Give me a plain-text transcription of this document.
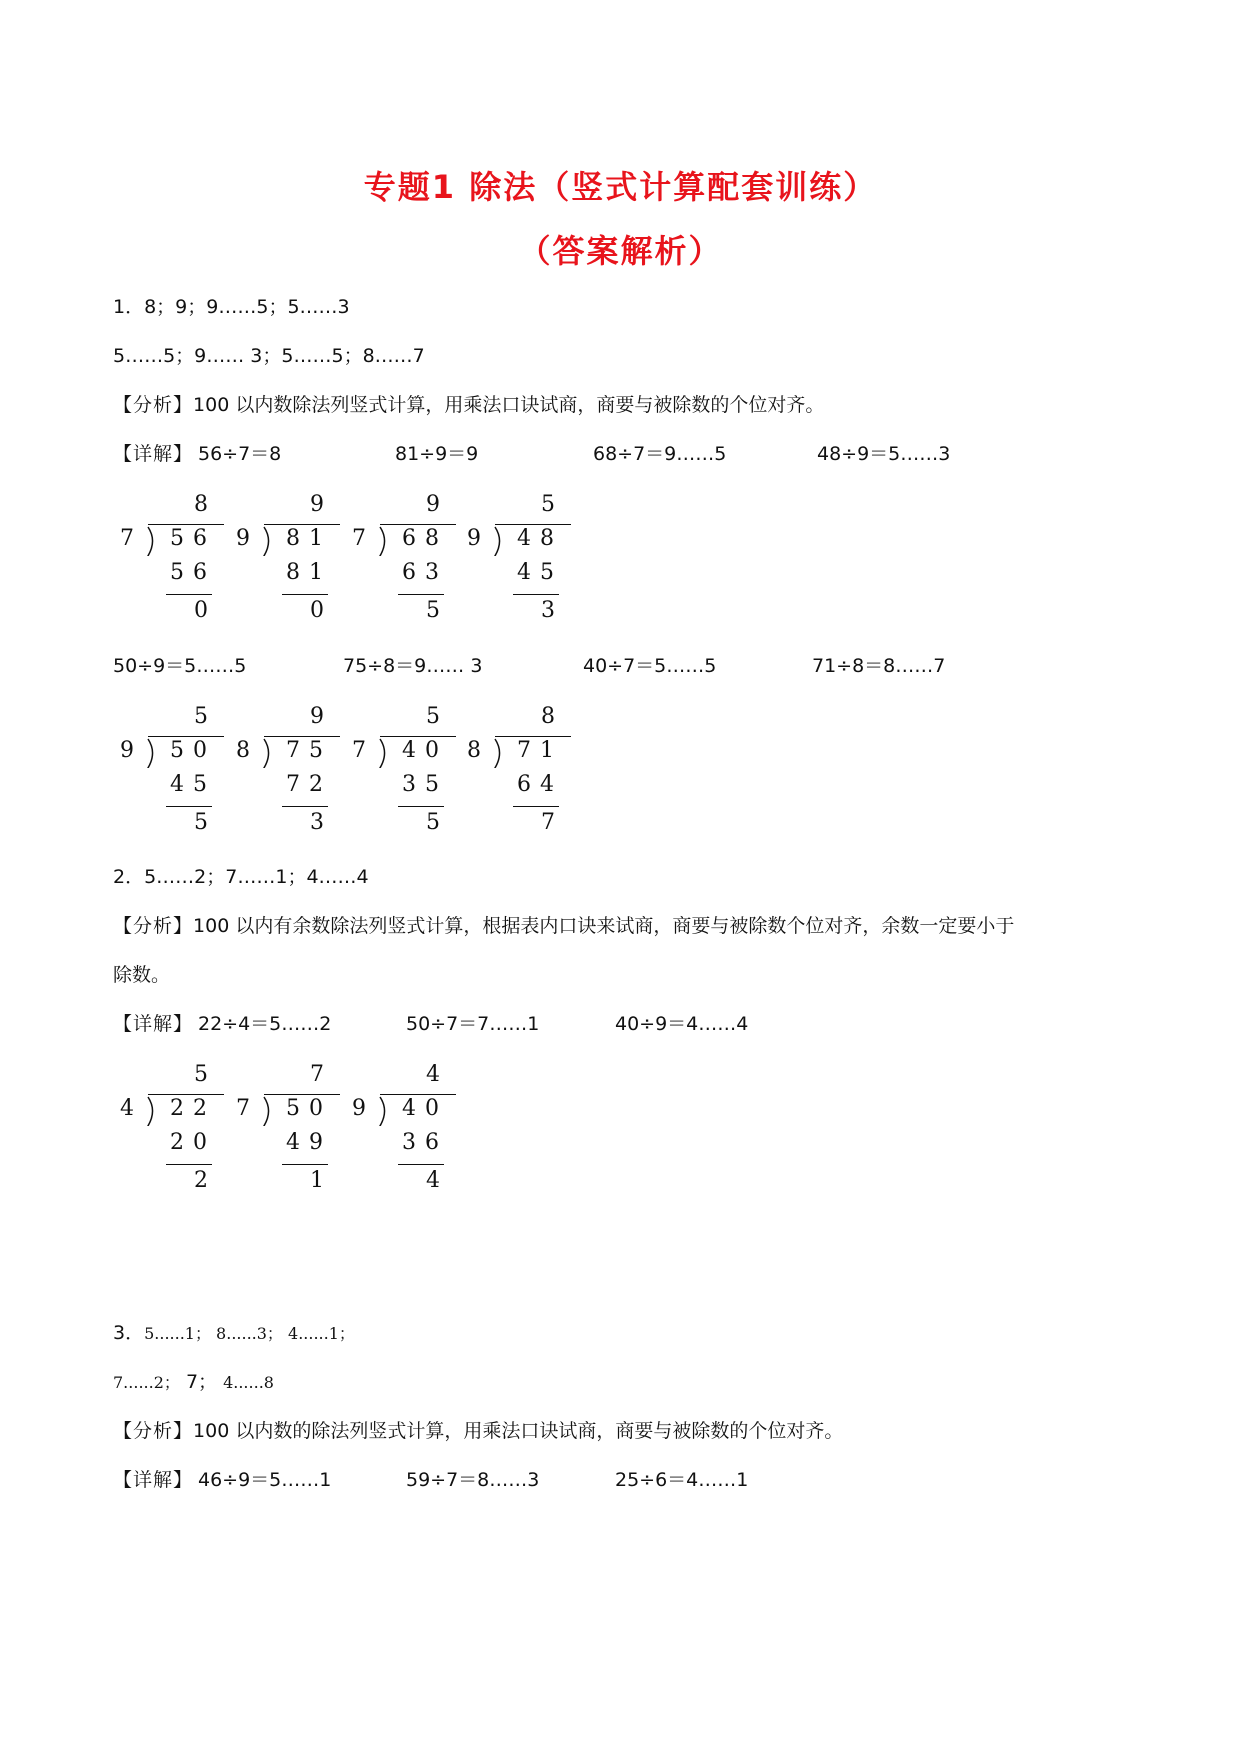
专题1 除法（竖式计算配套训练）
（答案解析）
1．8；9；9……5；5……3
5……5；9…… 3；5……5；8……7
【分析】100 以内数除法列竖式计算，用乘法口诀试商，商要与被除数的个位对齐。
【详解】 56÷7＝8	81÷9＝9	68÷7＝9……5	48÷9＝5……3
7
8
56
56
0
9
9
81
81
0
7
9
68
63
5
9
5
48
45
3
50÷9＝5……5	75÷8＝9…… 3	40÷7＝5……5	71÷8＝8……7
9
5
50
45
5
8
9
75
72
3
7
5
40
35
5
8
8
71
64
7
2．5……2；7……1；4……4
【分析】100 以内有余数除法列竖式计算，根据表内口诀来试商，商要与被除数个位对齐，余数一定要小于
除数。
【详解】 22÷4＝5……2	50÷7＝7……1	40÷9＝4……4
4
5
22
20
2
7
7
50
49
1
9
4
40
36
4
3．5......1； 8......3； 4......1；
7......2； 7； 4......8
【分析】100 以内数的除法列竖式计算，用乘法口诀试商，商要与被除数的个位对齐。
【详解】 46÷9＝5……1	59÷7＝8……3	25÷6＝4……1
